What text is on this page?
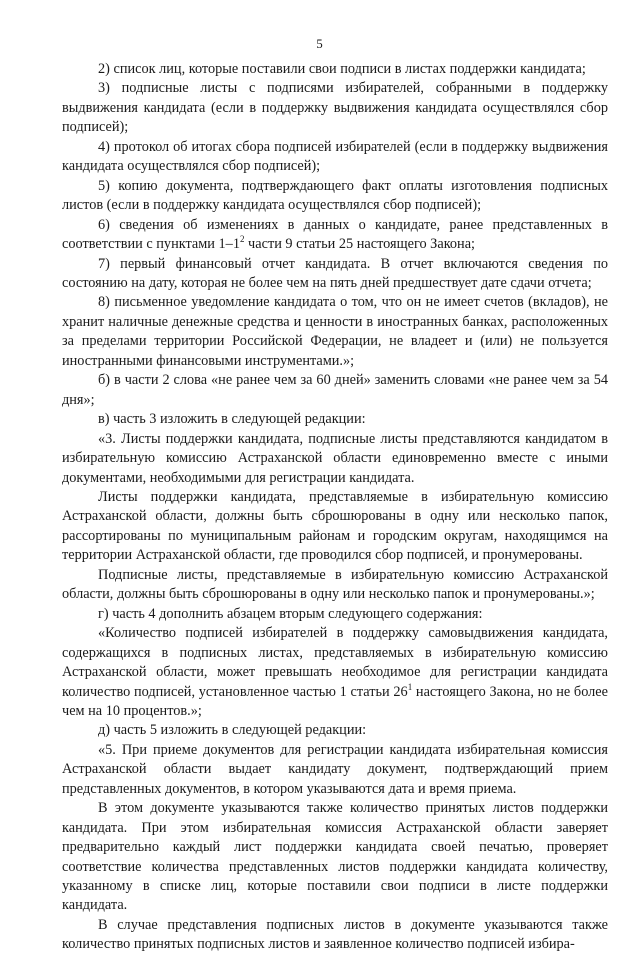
5

2) список лиц, которые поставили свои подписи в листах поддержки кандидата;

3) подписные листы с подписями избирателей, собранными в поддержку выдвижения кандидата (если в поддержку выдвижения кандидата осуществлялся сбор подписей);

4) протокол об итогах сбора подписей избирателей (если в поддержку выдвижения кандидата осуществлялся сбор подписей);

5) копию документа, подтверждающего факт оплаты изготовления подписных листов (если в поддержку кандидата осуществлялся сбор подписей);

6) сведения об изменениях в данных о кандидате, ранее представленных в соответствии с пунктами $1-1^2$ части 9 статьи 25 настоящего Закона;

7) первый финансовый отчет кандидата. В отчет включаются сведения по состоянию на дату, которая не более чем на пять дней предшествует дате сдачи отчета;

8) письменное уведомление кандидата о том, что он не имеет счетов (вкладов), не хранит наличные денежные средства и ценности в иностранных банках, расположенных за пределами территории Российской Федерации, не владеет и (или) не пользуется иностранными финансовыми инструментами.»;

б) в части 2 слова «не ранее чем за 60 дней» заменить словами «не ранее чем за 54 дня»;

в) часть 3 изложить в следующей редакции:

«3. Листы поддержки кандидата, подписные листы представляются кандидатом в избирательную комиссию Астраханской области единовременно вместе с иными документами, необходимыми для регистрации кандидата.

Листы поддержки кандидата, представляемые в избирательную комиссию Астраханской области, должны быть сброшюрованы в одну или несколько папок, рассортированы по муниципальным районам и городским округам, находящимся на территории Астраханской области, где проводился сбор подписей, и пронумерованы.

Подписные листы, представляемые в избирательную комиссию Астраханской области, должны быть сброшюрованы в одну или несколько папок и пронумерованы.»;

г) часть 4 дополнить абзацем вторым следующего содержания:

«Количество подписей избирателей в поддержку самовыдвижения кандидата, содержащихся в подписных листах, представляемых в избирательную комиссию Астраханской области, может превышать необходимое для регистрации кандидата количество подписей, установленное частью 1 статьи $26^1$ настоящего Закона, но не более чем на 10 процентов.»;

д) часть 5 изложить в следующей редакции:

«5. При приеме документов для регистрации кандидата избирательная комиссия Астраханской области выдает кандидату документ, подтверждающий прием представленных документов, в котором указываются дата и время приема.

В этом документе указываются также количество принятых листов поддержки кандидата. При этом избирательная комиссия Астраханской области заверяет предварительно каждый лист поддержки кандидата своей печатью, проверяет соответствие количества представленных листов поддержки кандидата количеству, указанному в списке лиц, которые поставили свои подписи в листе поддержки кандидата.

В случае представления подписных листов в документе указываются также количество принятых подписных листов и заявленное количество подписей избира-
